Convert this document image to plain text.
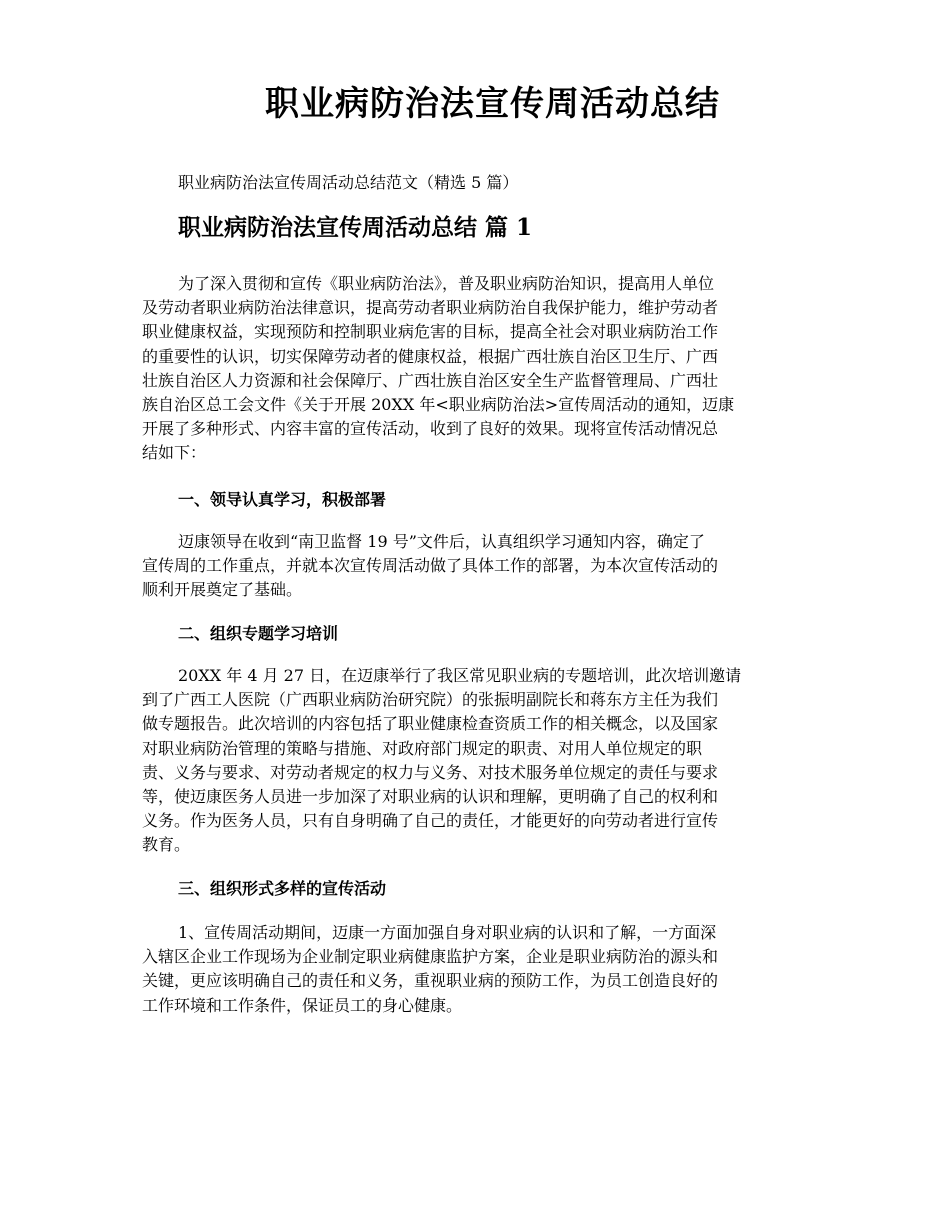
职业病防治法宣传周活动总结
职业病防治法宣传周活动总结范文（精选 5 篇）
职业病防治法宣传周活动总结 篇 1
为了深入贯彻和宣传《职业病防治法》，普及职业病防治知识，提高用人单位
及劳动者职业病防治法律意识，提高劳动者职业病防治自我保护能力，维护劳动者
职业健康权益，实现预防和控制职业病危害的目标，提高全社会对职业病防治工作
的重要性的认识，切实保障劳动者的健康权益，根据广西壮族自治区卫生厅、广西
壮族自治区人力资源和社会保障厅、广西壮族自治区安全生产监督管理局、广西壮
族自治区总工会文件《关于开展 20XX 年<职业病防治法>宣传周活动的通知，迈康
开展了多种形式、内容丰富的宣传活动，收到了良好的效果。现将宣传活动情况总
结如下：
一、领导认真学习，积极部署
迈康领导在收到“南卫监督 19 号”文件后，认真组织学习通知内容，确定了
宣传周的工作重点，并就本次宣传周活动做了具体工作的部署，为本次宣传活动的
顺利开展奠定了基础。
二、组织专题学习培训
20XX 年 4 月 27 日，在迈康举行了我区常见职业病的专题培训，此次培训邀请
到了广西工人医院（广西职业病防治研究院）的张振明副院长和蒋东方主任为我们
做专题报告。此次培训的内容包括了职业健康检查资质工作的相关概念，以及国家
对职业病防治管理的策略与措施、对政府部门规定的职责、对用人单位规定的职
责、义务与要求、对劳动者规定的权力与义务、对技术服务单位规定的责任与要求
等，使迈康医务人员进一步加深了对职业病的认识和理解，更明确了自己的权利和
义务。作为医务人员，只有自身明确了自己的责任，才能更好的向劳动者进行宣传
教育。
三、组织形式多样的宣传活动
1、宣传周活动期间，迈康一方面加强自身对职业病的认识和了解，一方面深
入辖区企业工作现场为企业制定职业病健康监护方案，企业是职业病防治的源头和
关键，更应该明确自己的责任和义务，重视职业病的预防工作，为员工创造良好的
工作环境和工作条件，保证员工的身心健康。
